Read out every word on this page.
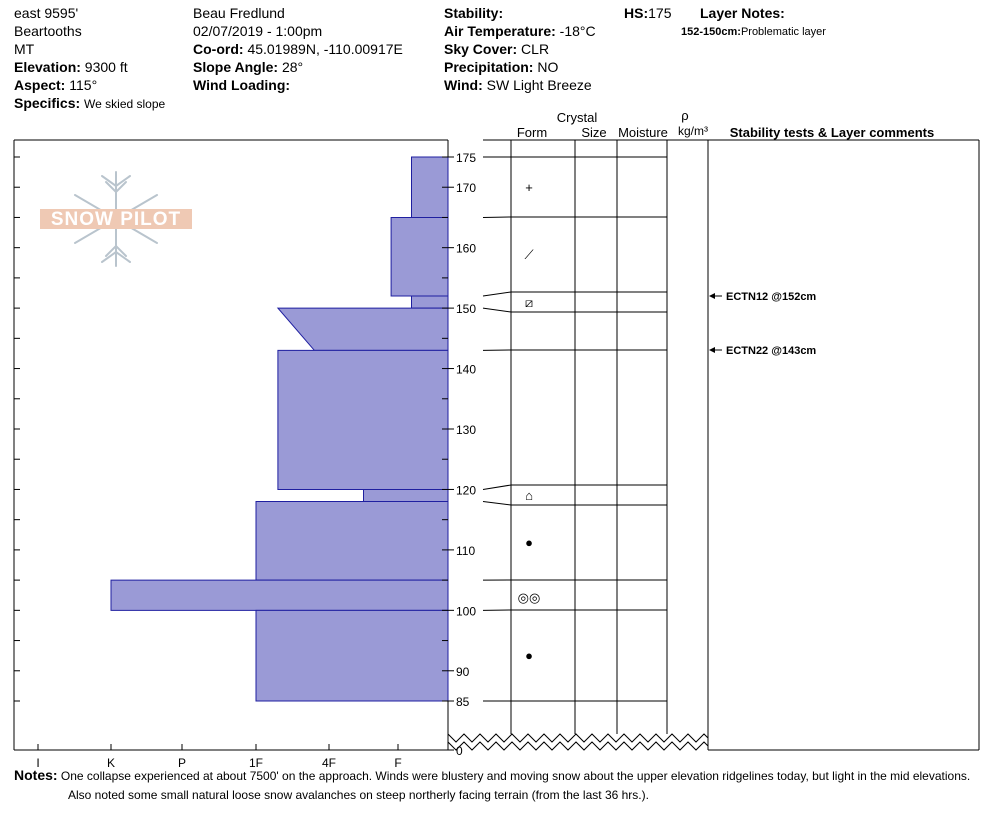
east 9595'
Beartooths
MT
Elevation: 9300 ft
Aspect: 115°
Specifics: We skied slope
Beau Fredlund
02/07/2019 - 1:00pm
Co-ord: 45.01989N, -110.00917E
Slope Angle: 28°
Wind Loading:
Stability:
Air Temperature: -18°C
Sky Cover: CLR
Precipitation: NO
Wind: SW Light Breeze
HS:175 Layer Notes:
152-150cm:Problematic layer
SNOW PILOT
I	K	P	1F	4F	F
175
170
160
150
140
130
120
110
100
90
85
0
+
⟋
⧄
⌂
●
◎◎
●
ECTN12 @152cm
ECTN22 @143cm
Crystal
Form	Size Moisture
ρ
kg/m³ Stability tests & Layer comments
Notes: One collapse experienced at about 7500' on the approach. Winds were blustery and moving snow about the upper elevation ridgelines today, but light in the mid elevations.
Also noted some small natural loose snow avalanches on steep northerly facing terrain (from the last 36 hrs.).
